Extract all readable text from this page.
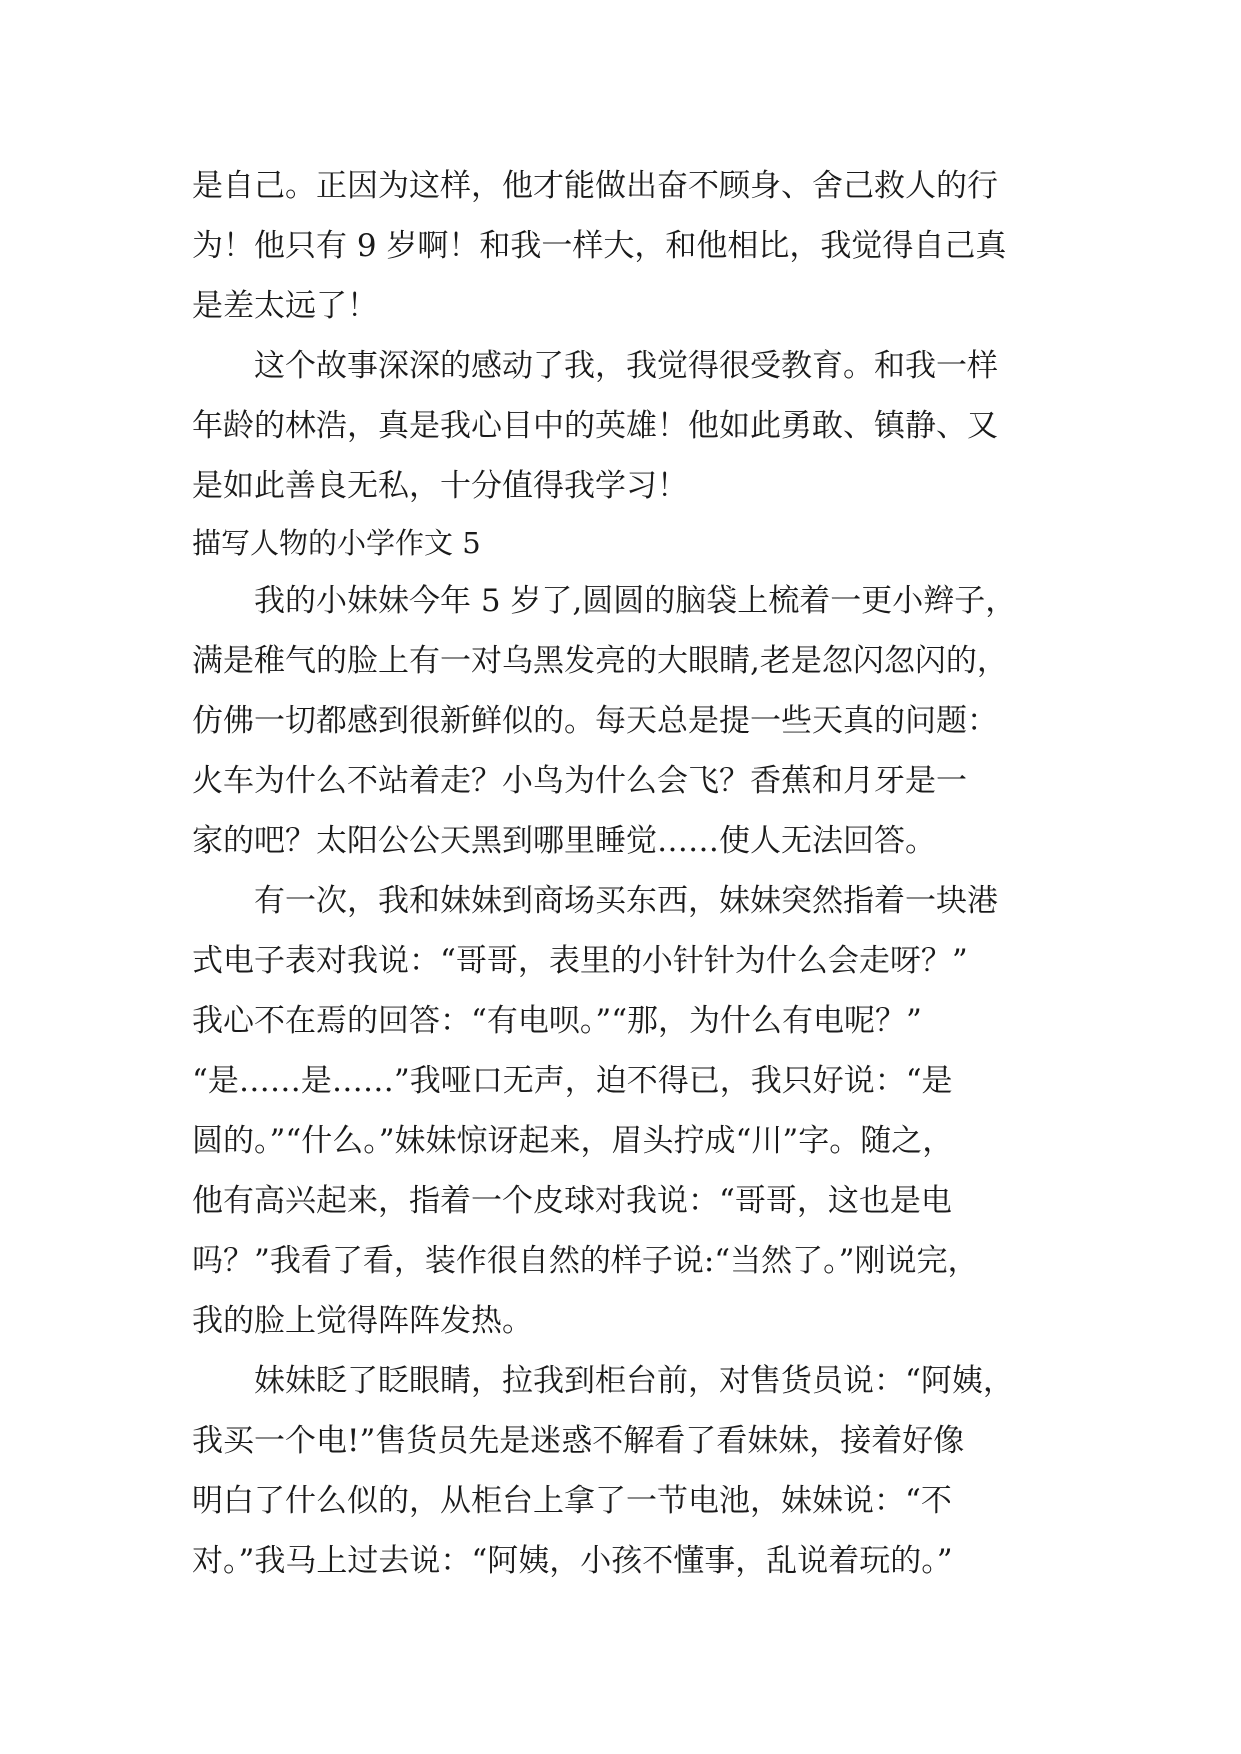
是自己。正因为这样，他才能做出奋不顾身、舍己救人的行
为！他只有 9 岁啊！和我一样大，和他相比，我觉得自己真
是差太远了！
这个故事深深的感动了我，我觉得很受教育。和我一样
年龄的林浩，真是我心目中的英雄！他如此勇敢、镇静、又
是如此善良无私，十分值得我学习！
描写人物的小学作文 5
我的小妹妹今年 5 岁了,圆圆的脑袋上梳着一更小辫子，
满是稚气的脸上有一对乌黑发亮的大眼睛,老是忽闪忽闪的，
仿佛一切都感到很新鲜似的。每天总是提一些天真的问题：
火车为什么不站着走？小鸟为什么会飞？香蕉和月牙是一
家的吧？太阳公公天黑到哪里睡觉……使人无法回答。
有一次，我和妹妹到商场买东西，妹妹突然指着一块港
式电子表对我说：“哥哥，表里的小针针为什么会走呀？”
我心不在焉的回答：“有电呗。”“那，为什么有电呢？”
“是……是……”我哑口无声，迫不得已，我只好说：“是
圆的。”“什么。”妹妹惊讶起来，眉头拧成“川”字。随之，
他有高兴起来，指着一个皮球对我说：“哥哥，这也是电
吗？”我看了看，装作很自然的样子说:“当然了。”刚说完，
我的脸上觉得阵阵发热。
妹妹眨了眨眼睛，拉我到柜台前，对售货员说：“阿姨，
我买一个电!”售货员先是迷惑不解看了看妹妹，接着好像
明白了什么似的，从柜台上拿了一节电池，妹妹说：“不
对。”我马上过去说：“阿姨，小孩不懂事，乱说着玩的。”
